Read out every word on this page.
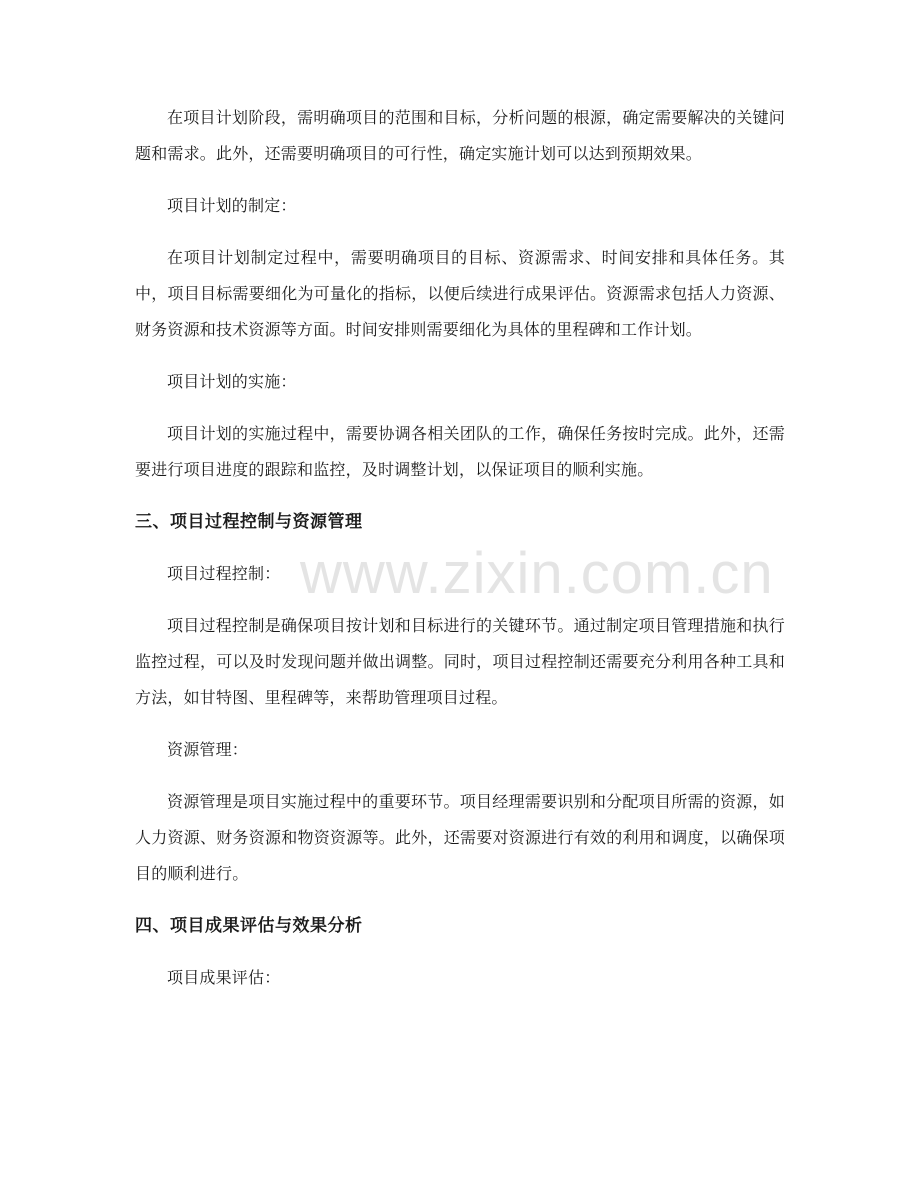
www.zixin.com.cn

在项目计划阶段，需明确项目的范围和目标，分析问题的根源，确定需要解决的关键问题和需求。此外，还需要明确项目的可行性，确定实施计划可以达到预期效果。

项目计划的制定：

在项目计划制定过程中，需要明确项目的目标、资源需求、时间安排和具体任务。其中，项目目标需要细化为可量化的指标，以便后续进行成果评估。资源需求包括人力资源、财务资源和技术资源等方面。时间安排则需要细化为具体的里程碑和工作计划。

项目计划的实施：

项目计划的实施过程中，需要协调各相关团队的工作，确保任务按时完成。此外，还需要进行项目进度的跟踪和监控，及时调整计划，以保证项目的顺利实施。

三、项目过程控制与资源管理

项目过程控制：

项目过程控制是确保项目按计划和目标进行的关键环节。通过制定项目管理措施和执行监控过程，可以及时发现问题并做出调整。同时，项目过程控制还需要充分利用各种工具和方法，如甘特图、里程碑等，来帮助管理项目过程。

资源管理：

资源管理是项目实施过程中的重要环节。项目经理需要识别和分配项目所需的资源，如人力资源、财务资源和物资资源等。此外，还需要对资源进行有效的利用和调度，以确保项目的顺利进行。

四、项目成果评估与效果分析

项目成果评估：
